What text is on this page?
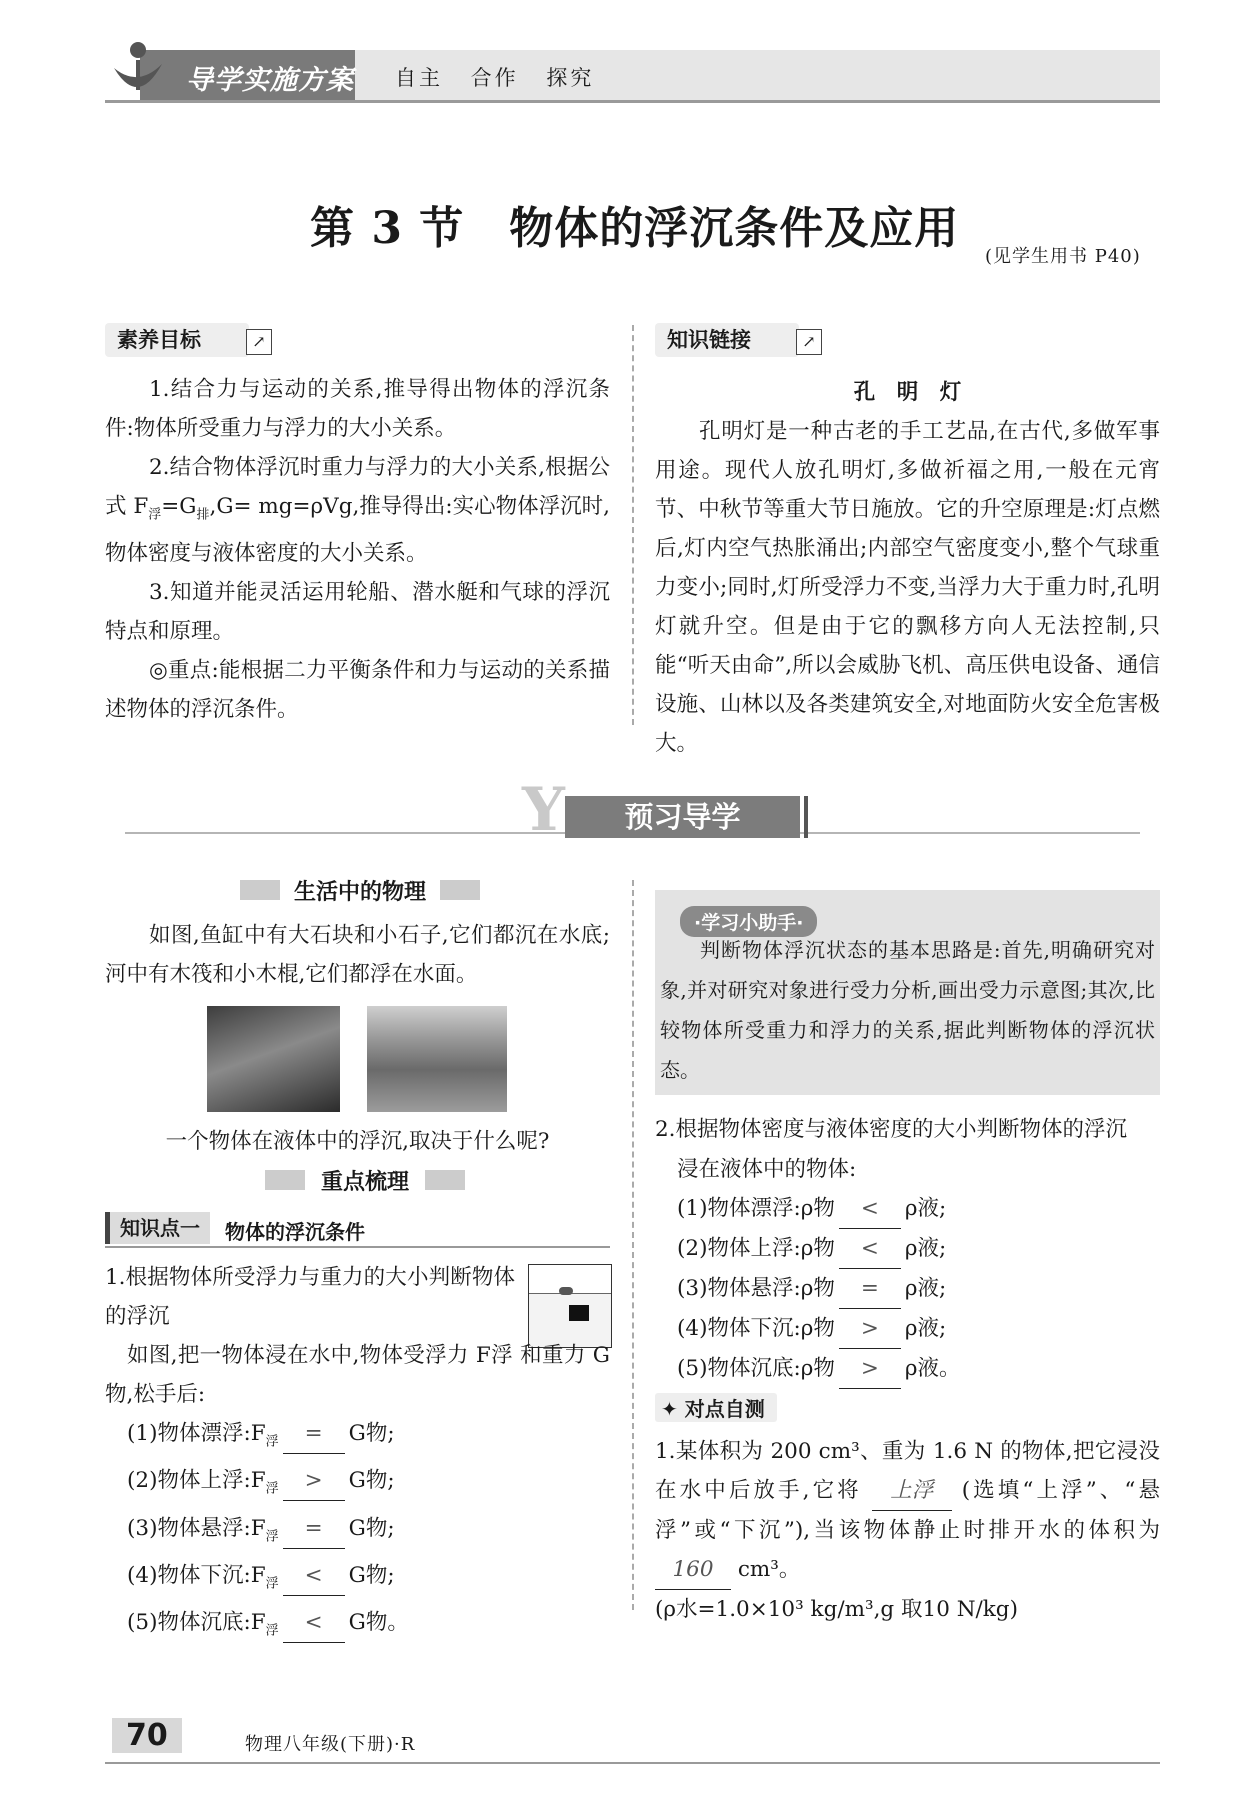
导学实施方案 自主 合作 探究
第 3 节　物体的浮沉条件及应用
(见学生用书 P40)
素养目标	↗
1.结合力与运动的关系,推导得出物体的浮沉条件:物体所受重力与浮力的大小关系。
2.结合物体浮沉时重力与浮力的大小关系,根据公式 $F_浮=G_排,G= mg=\rho Vg$,推导得出:实心物体浮沉时,物体密度与液体密度的大小关系。
3.知道并能灵活运用轮船、潜水艇和气球的浮沉特点和原理。
◎重点:能根据二力平衡条件和力与运动的关系描述物体的浮沉条件。
知识链接	↗
孔　明　灯
孔明灯是一种古老的手工艺品,在古代,多做军事用途。现代人放孔明灯,多做祈福之用,一般在元宵节、中秋节等重大节日施放。它的升空原理是:灯点燃后,灯内空气热胀涌出;内部空气密度变小,整个气球重力变小;同时,灯所受浮力不变,当浮力大于重力时,孔明灯就升空。但是由于它的飘移方向人无法控制,只能“听天由命”,所以会威胁飞机、高压供电设备、通信设施、山林以及各类建筑安全,对地面防火安全危害极大。
Y	预习导学
生活中的物理
如图,鱼缸中有大石块和小石子,它们都沉在水底;河中有木筏和小木棍,它们都浮在水面。
一个物体在液体中的浮沉,取决于什么呢?
重点梳理
知识点一	物体的浮沉条件
1.根据物体所受浮力与重力的大小判断物体的浮沉
如图,把一物体浸在水中,物体受浮力 F浮 和重力 G物,松手后:
(1)物体漂浮$:F_浮 = G$物;
(2)物体上浮$:F_浮 > G$物;
(3)物体悬浮$:F_浮 = G$物;
(4)物体下沉$:F_浮 < G$物;
(5)物体沉底$:F_浮 < G$物。
·学习小助手·
判断物体浮沉状态的基本思路是:首先,明确研究对象,并对研究对象进行受力分析,画出受力示意图;其次,比较物体所受重力和浮力的关系,据此判断物体的浮沉状态。
2.根据物体密度与液体密度的大小判断物体的浮沉
浸在液体中的物体:
(1)物体漂浮:ρ物 < ρ液;
(2)物体上浮:ρ物 < ρ液;
(3)物体悬浮:ρ物 = ρ液;
(4)物体下沉:ρ物 > ρ液;
(5)物体沉底:ρ物 > ρ液。
✦ 对点自测
1.某体积为 200 cm³、重为 1.6 N 的物体,把它浸没在水中后放手,它将 上浮 (选填“上浮”、“悬浮”或“下沉”),当该物体静止时排开水的体积为 160 cm³。
(ρ水=1.0×10³ kg/m³,g 取10 N/kg)
70	物理八年级(下册)·R
